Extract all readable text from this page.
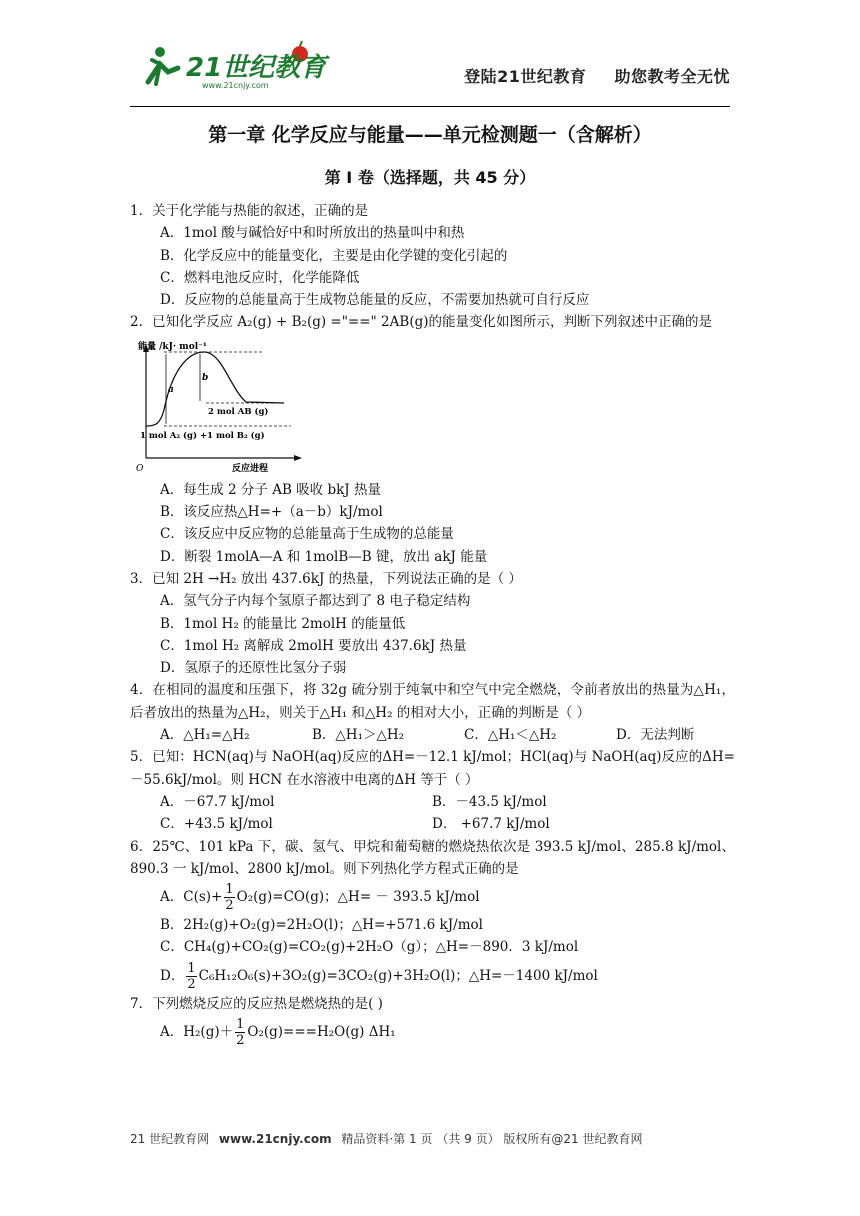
21世纪教育
www.21cnjy.com	登陆21世纪教育 助您教考全无忧
第一章 化学反应与能量——单元检测题一（含解析）
第 I 卷（选择题，共 45 分）

1．关于化学能与热能的叙述，正确的是

A．1mol 酸与碱恰好中和时所放出的热量叫中和热

B．化学反应中的能量变化，主要是由化学键的变化引起的

C．燃料电池反应时，化学能降低

D．反应物的总能量高于生成物总能量的反应，不需要加热就可自行反应

2．已知化学反应 A₂(g) + B₂(g) ="==" 2AB(g)的能量变化如图所示，判断下列叙述中正确的是

能量 /kJ· mol⁻¹
a
b
2 mol AB (g)
1 mol A₂ (g) +1 mol B₂ (g)
O	反应进程

A．每生成 2 分子 AB 吸收 bkJ 热量

B．该反应热△H=+（a－b）kJ/mol

C．该反应中反应物的总能量高于生成物的总能量

D．断裂 1molA—A 和 1molB—B 键，放出 akJ 能量

3．已知 2H →H₂ 放出 437.6kJ 的热量，下列说法正确的是（ ）

A．氢气分子内每个氢原子都达到了 8 电子稳定结构

B．1mol H₂ 的能量比 2molH 的能量低

C．1mol H₂ 离解成 2molH 要放出 437.6kJ 热量

D．氢原子的还原性比氢分子弱

4．在相同的温度和压强下，将 32g 硫分别于纯氧中和空气中完全燃烧，令前者放出的热量为△H₁，后者放出的热量为△H₂，则关于△H₁ 和△H₂ 的相对大小，正确的判断是（ ）

A．△H₁=△H₂	B．△H₁＞△H₂	C．△H₁＜△H₂	D．无法判断

5．已知：HCN(aq)与 NaOH(aq)反应的ΔH=－12.1 kJ/mol；HCl(aq)与 NaOH(aq)反应的ΔH=－55.6kJ/mol。则 HCN 在水溶液中电离的ΔH 等于（ ）

A．－67.7 kJ/mol	B．－43.5 kJ/mol
C．+43.5 kJ/mol	D． +67.7 kJ/mol

6．25℃、101 kPa 下，碳、氢气、甲烷和葡萄糖的燃烧热依次是 393.5 kJ/mol、285.8 kJ/mol、890.3 一 kJ/mol、2800 kJ/mol。则下列热化学方程式正确的是

A．$C(s)+ \frac{1}{2} O_2(g)=CO(g)$；△H= － 393.5 kJ/mol

B．2H₂(g)+O₂(g)=2H₂O(l)；△H=+571.6 kJ/mol

C．CH₄(g)+CO₂(g)=CO₂(g)+2H₂O（g）；△H=－890．3 kJ/mol

D． $\frac{1}{2} C_6H_{12}O_6(s)+3O_2(g)=3CO_2(g)+3H_2O(l)$；△H=－1400 kJ/mol

7．下列燃烧反应的反应热是燃烧热的是( )

A．$H_2(g)+ \frac{1}{2} O_2(g)===H_2O(g)$ ΔH₁

21 世纪教育网 www.21cnjy.com 精品资料·第 1 页 （共 9 页） 版权所有@21 世纪教育网
